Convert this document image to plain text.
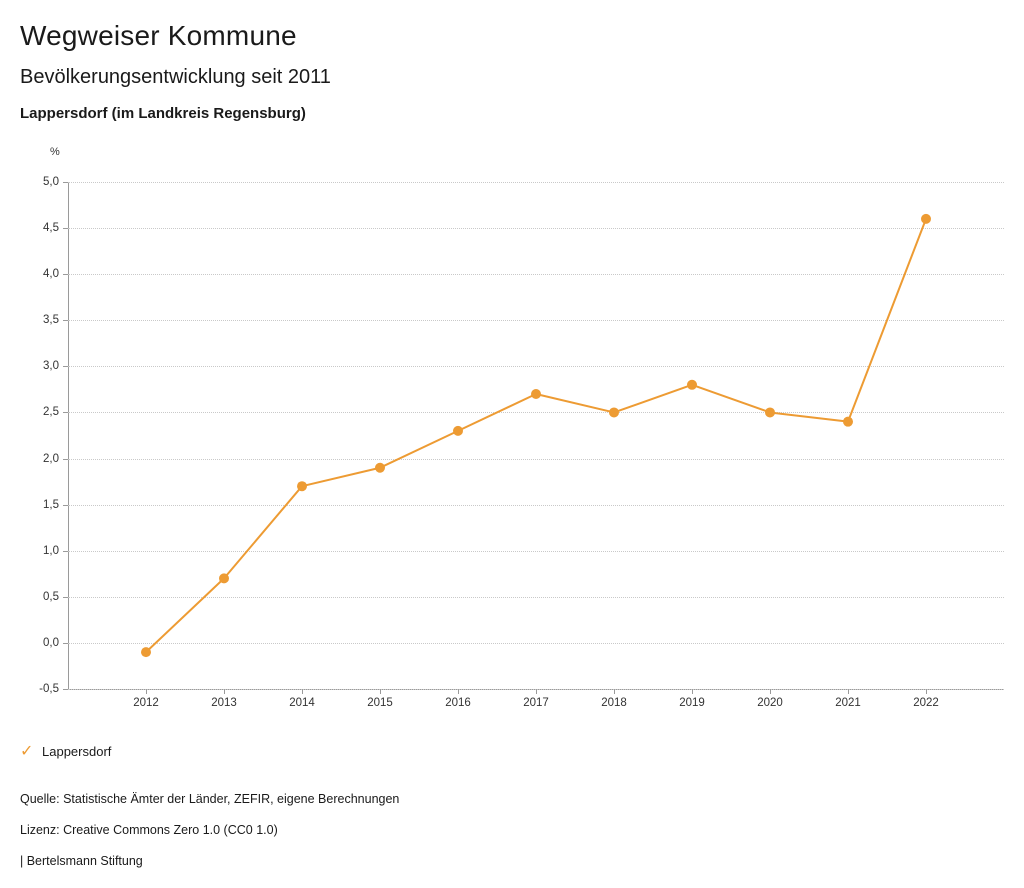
Wegweiser Kommune
Bevölkerungsentwicklung seit 2011
Lappersdorf (im Landkreis Regensburg)
%
5,0
4,5
4,0
3,5
3,0
2,5
2,0
1,5
1,0
0,5
0,0
-0,5
2012	2013	2014	2015	2016	2017	2018	2019	2020	2021	2022
✓ Lappersdorf
Quelle: Statistische Ämter der Länder, ZEFIR, eigene Berechnungen
Lizenz: Creative Commons Zero 1.0 (CC0 1.0)
| Bertelsmann Stiftung
